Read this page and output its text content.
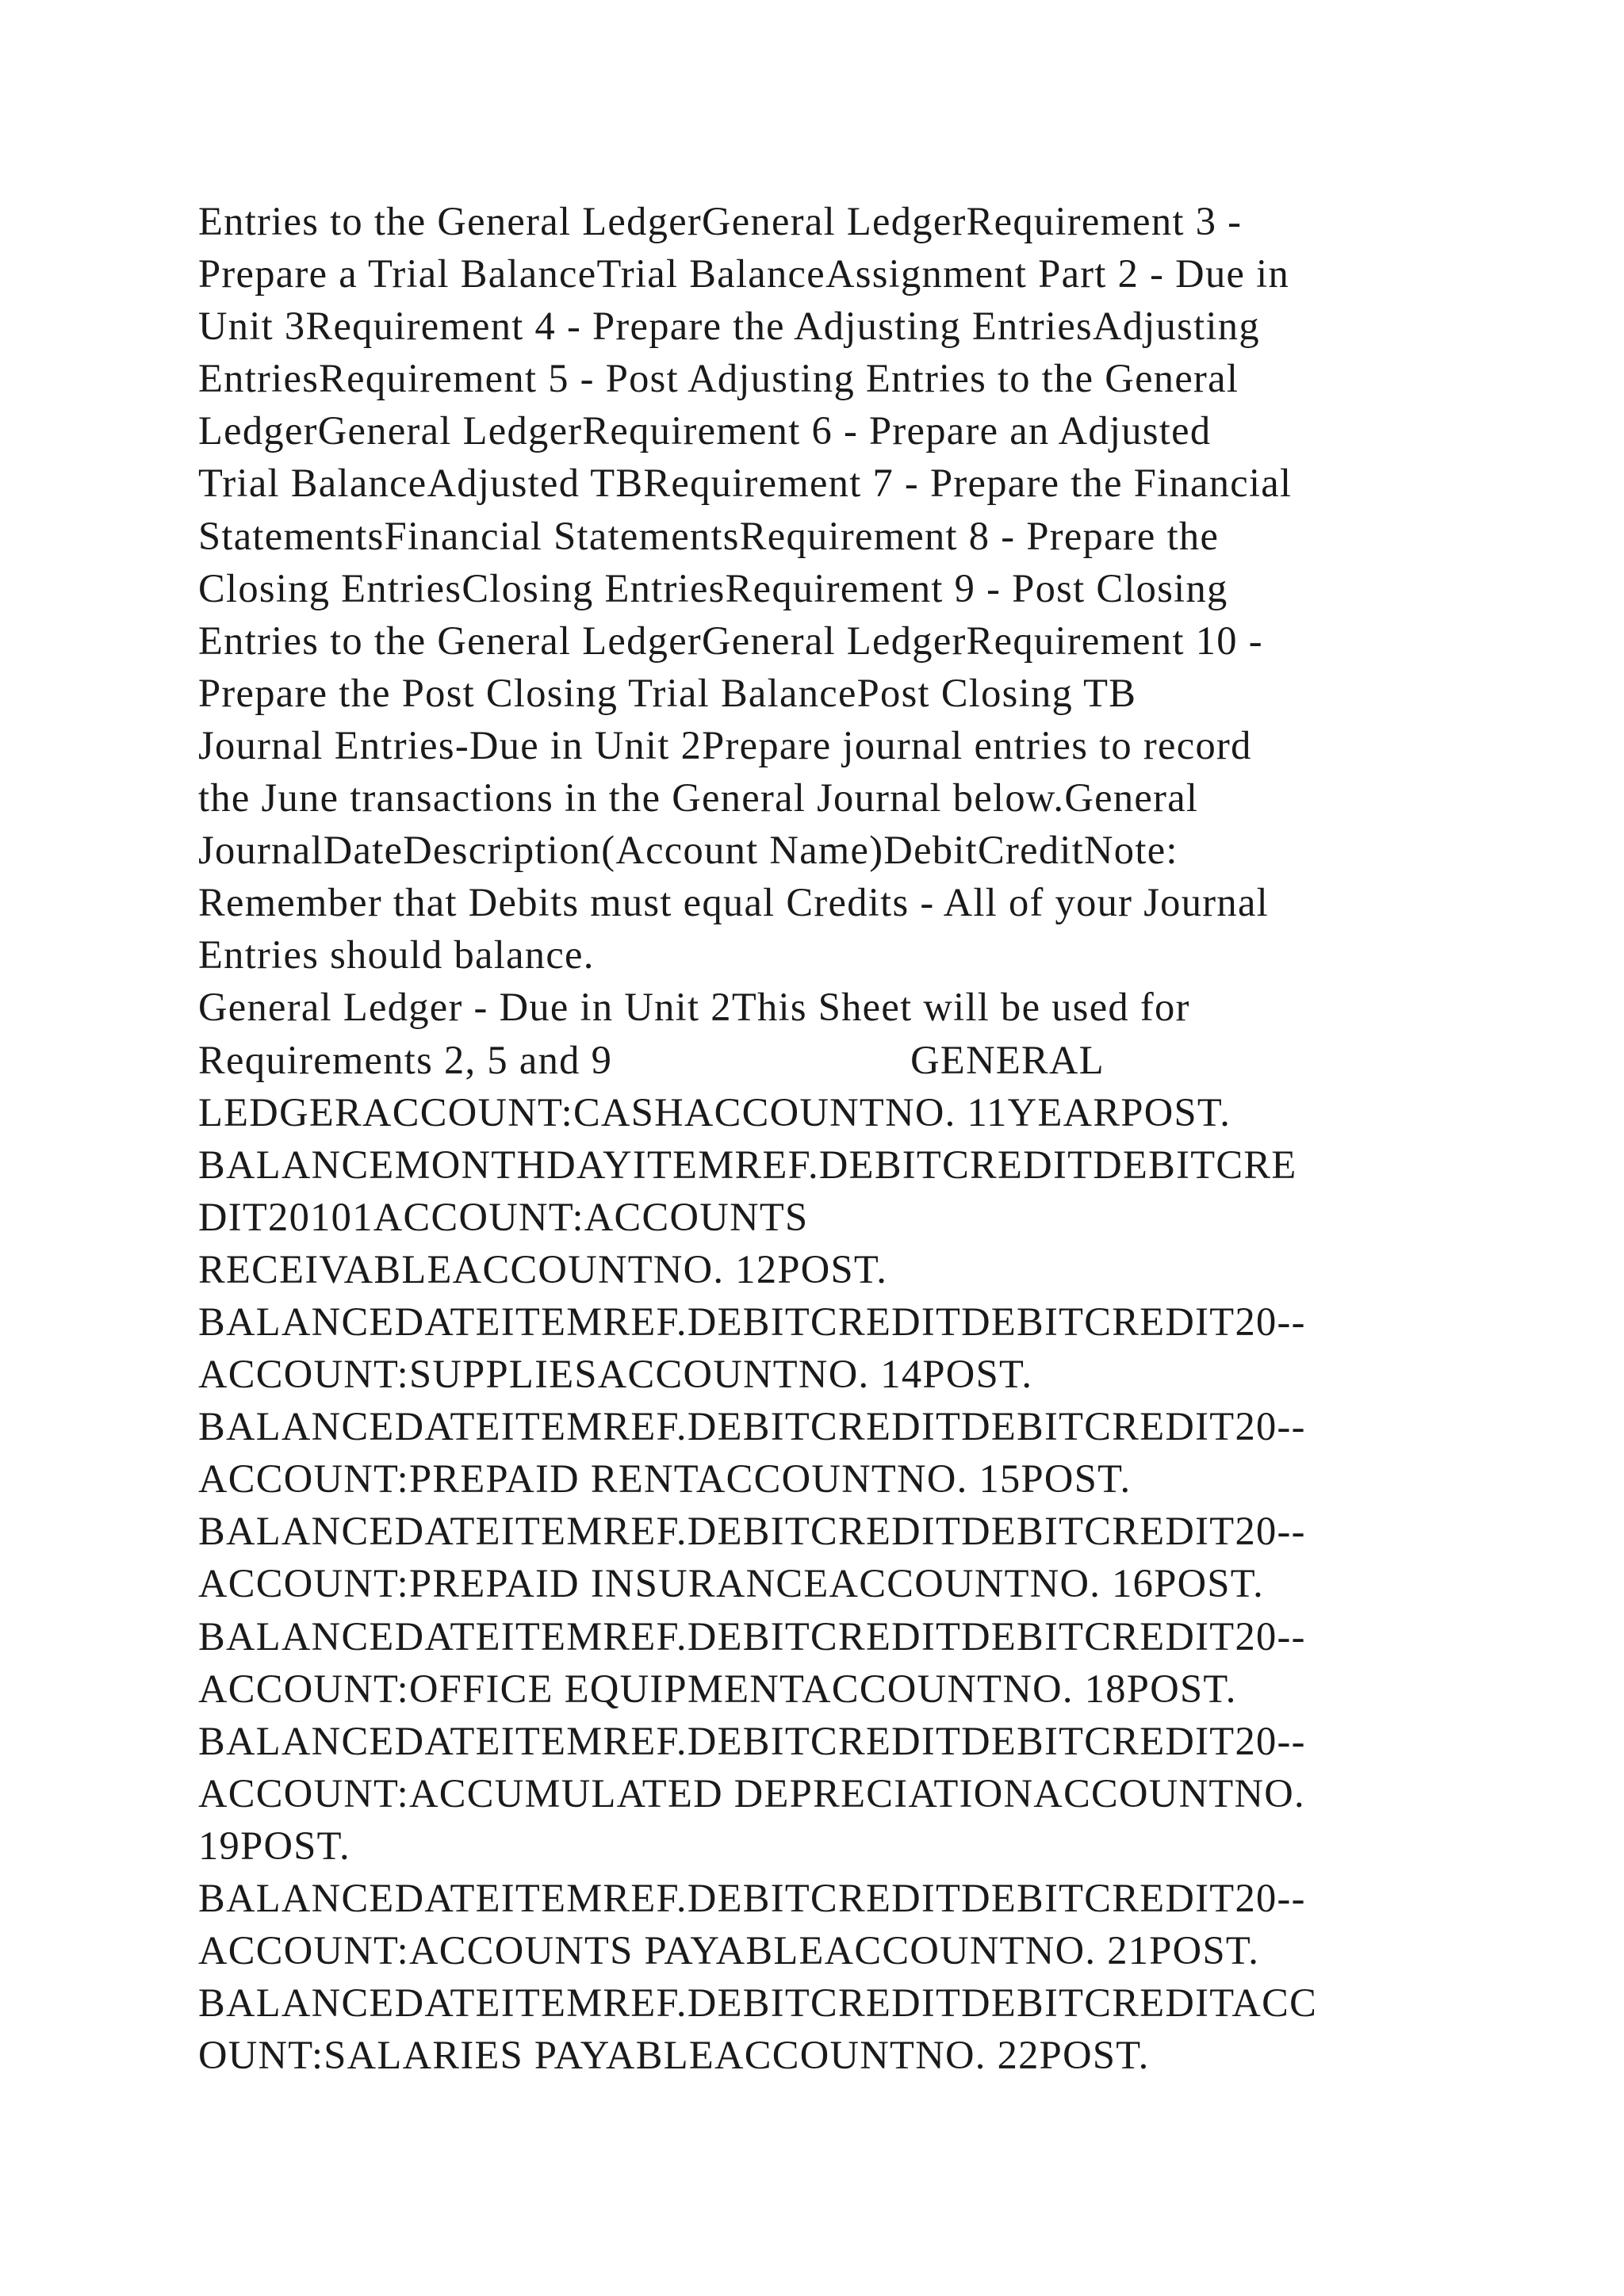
Entries to the General LedgerGeneral LedgerRequirement 3 -
Prepare a Trial BalanceTrial BalanceAssignment Part 2 - Due in
Unit 3Requirement 4 - Prepare the Adjusting EntriesAdjusting
EntriesRequirement 5 - Post Adjusting Entries to the General
LedgerGeneral LedgerRequirement 6 - Prepare an Adjusted
Trial BalanceAdjusted TBRequirement 7 - Prepare the Financial
StatementsFinancial StatementsRequirement 8 - Prepare the
Closing EntriesClosing EntriesRequirement 9 - Post Closing
Entries to the General LedgerGeneral LedgerRequirement 10 -
Prepare the Post Closing Trial BalancePost Closing TB
Journal Entries-Due in Unit 2Prepare journal entries to record
the June transactions in the General Journal below.General
JournalDateDescription(Account Name)DebitCreditNote:
Remember that Debits must equal Credits - All of your Journal
Entries should balance.
General Ledger - Due in Unit 2This Sheet will be used for
Requirements 2, 5 and 9                           GENERAL
LEDGERACCOUNT:CASHACCOUNTNO. 11YEARPOST.
BALANCEMONTHDAYITEMREF.DEBITCREDITDEBITCRE
DIT20101ACCOUNT:ACCOUNTS
RECEIVABLEACCOUNTNO. 12POST.
BALANCEDATEITEMREF.DEBITCREDITDEBITCREDIT20--
ACCOUNT:SUPPLIESACCOUNTNO. 14POST.
BALANCEDATEITEMREF.DEBITCREDITDEBITCREDIT20--
ACCOUNT:PREPAID RENTACCOUNTNO. 15POST.
BALANCEDATEITEMREF.DEBITCREDITDEBITCREDIT20--
ACCOUNT:PREPAID INSURANCEACCOUNTNO. 16POST.
BALANCEDATEITEMREF.DEBITCREDITDEBITCREDIT20--
ACCOUNT:OFFICE EQUIPMENTACCOUNTNO. 18POST.
BALANCEDATEITEMREF.DEBITCREDITDEBITCREDIT20--
ACCOUNT:ACCUMULATED DEPRECIATIONACCOUNTNO.
19POST.
BALANCEDATEITEMREF.DEBITCREDITDEBITCREDIT20--
ACCOUNT:ACCOUNTS PAYABLEACCOUNTNO. 21POST.
BALANCEDATEITEMREF.DEBITCREDITDEBITCREDITACC
OUNT:SALARIES PAYABLEACCOUNTNO. 22POST.
